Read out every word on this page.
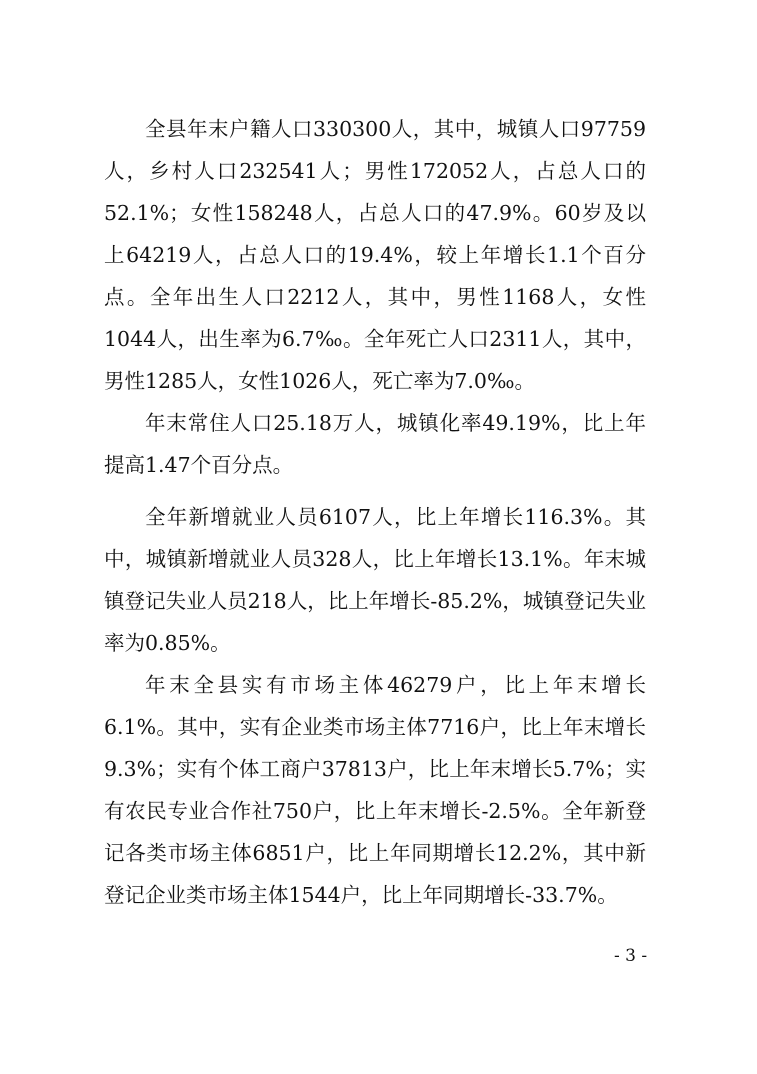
全县年末户籍人口330300人，其中，城镇人口97759人，乡村人口232541人；男性172052人，占总人口的52.1%；女性158248人，占总人口的47.9%。60岁及以上64219人，占总人口的19.4%，较上年增长1.1个百分点。全年出生人口2212人，其中，男性1168人，女性1044人，出生率为6.7‰。全年死亡人口2311人，其中，男性1285人，女性1026人，死亡率为7.0‰。

年末常住人口25.18万人，城镇化率49.19%，比上年提高1.47个百分点。

全年新增就业人员6107人，比上年增长116.3%。其中，城镇新增就业人员328人，比上年增长13.1%。年末城镇登记失业人员218人，比上年增长-85.2%，城镇登记失业率为0.85%。

年末全县实有市场主体46279户，比上年末增长6.1%。其中，实有企业类市场主体7716户，比上年末增长9.3%；实有个体工商户37813户，比上年末增长5.7%；实有农民专业合作社750户，比上年末增长-2.5%。全年新登记各类市场主体6851户，比上年同期增长12.2%，其中新登记企业类市场主体1544户，比上年同期增长-33.7%。

- 3 -
